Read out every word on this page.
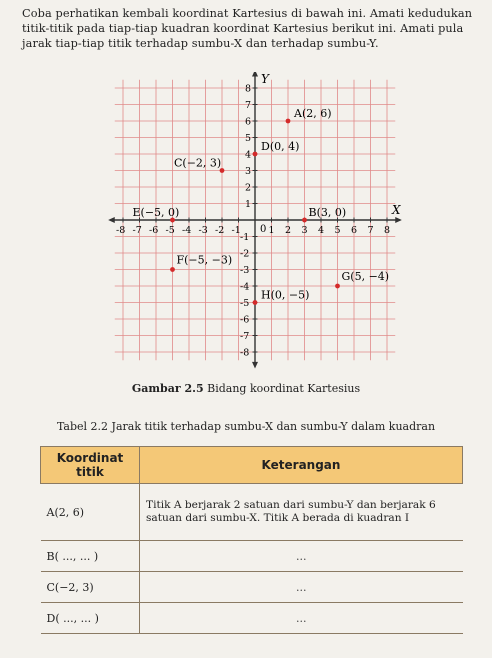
Coba perhatikan kembali koordinat Kartesius di bawah ini. Amati kedudukan

titik-titik pada tiap-tiap kuadran koordinat Kartesius berikut ini. Amati pula

jarak tiap-tiap titik terhadap sumbu-X dan terhadap sumbu-Y.

X
Y
0
-8
-8
-7
-7
-6
-6
-5
-5
-4
-4
-3
-3
-2
-2
-1
-1
1
1
2
2
3
3
4
4
5
5
6
6
7
7
8
8
A(2, 6)
B(3, 0)
C(−2, 3)
D(0, 4)
E(−5, 0)
F(−5, −3)
G(5, −4)
H(0, −5)
Gambar 2.5 Bidang koordinat Kartesius
Tabel 2.2 Jarak titik terhadap sumbu-X dan sumbu-Y dalam kuadran
Koordinat titik	Keterangan
A(2, 6)	Titik A berjarak 2 satuan dari sumbu-Y dan berjarak 6 satuan dari sumbu-X. Titik A berada di kuadran I
B( ..., ... )	...
C(−2, 3)	...
D( ..., ... )	...
